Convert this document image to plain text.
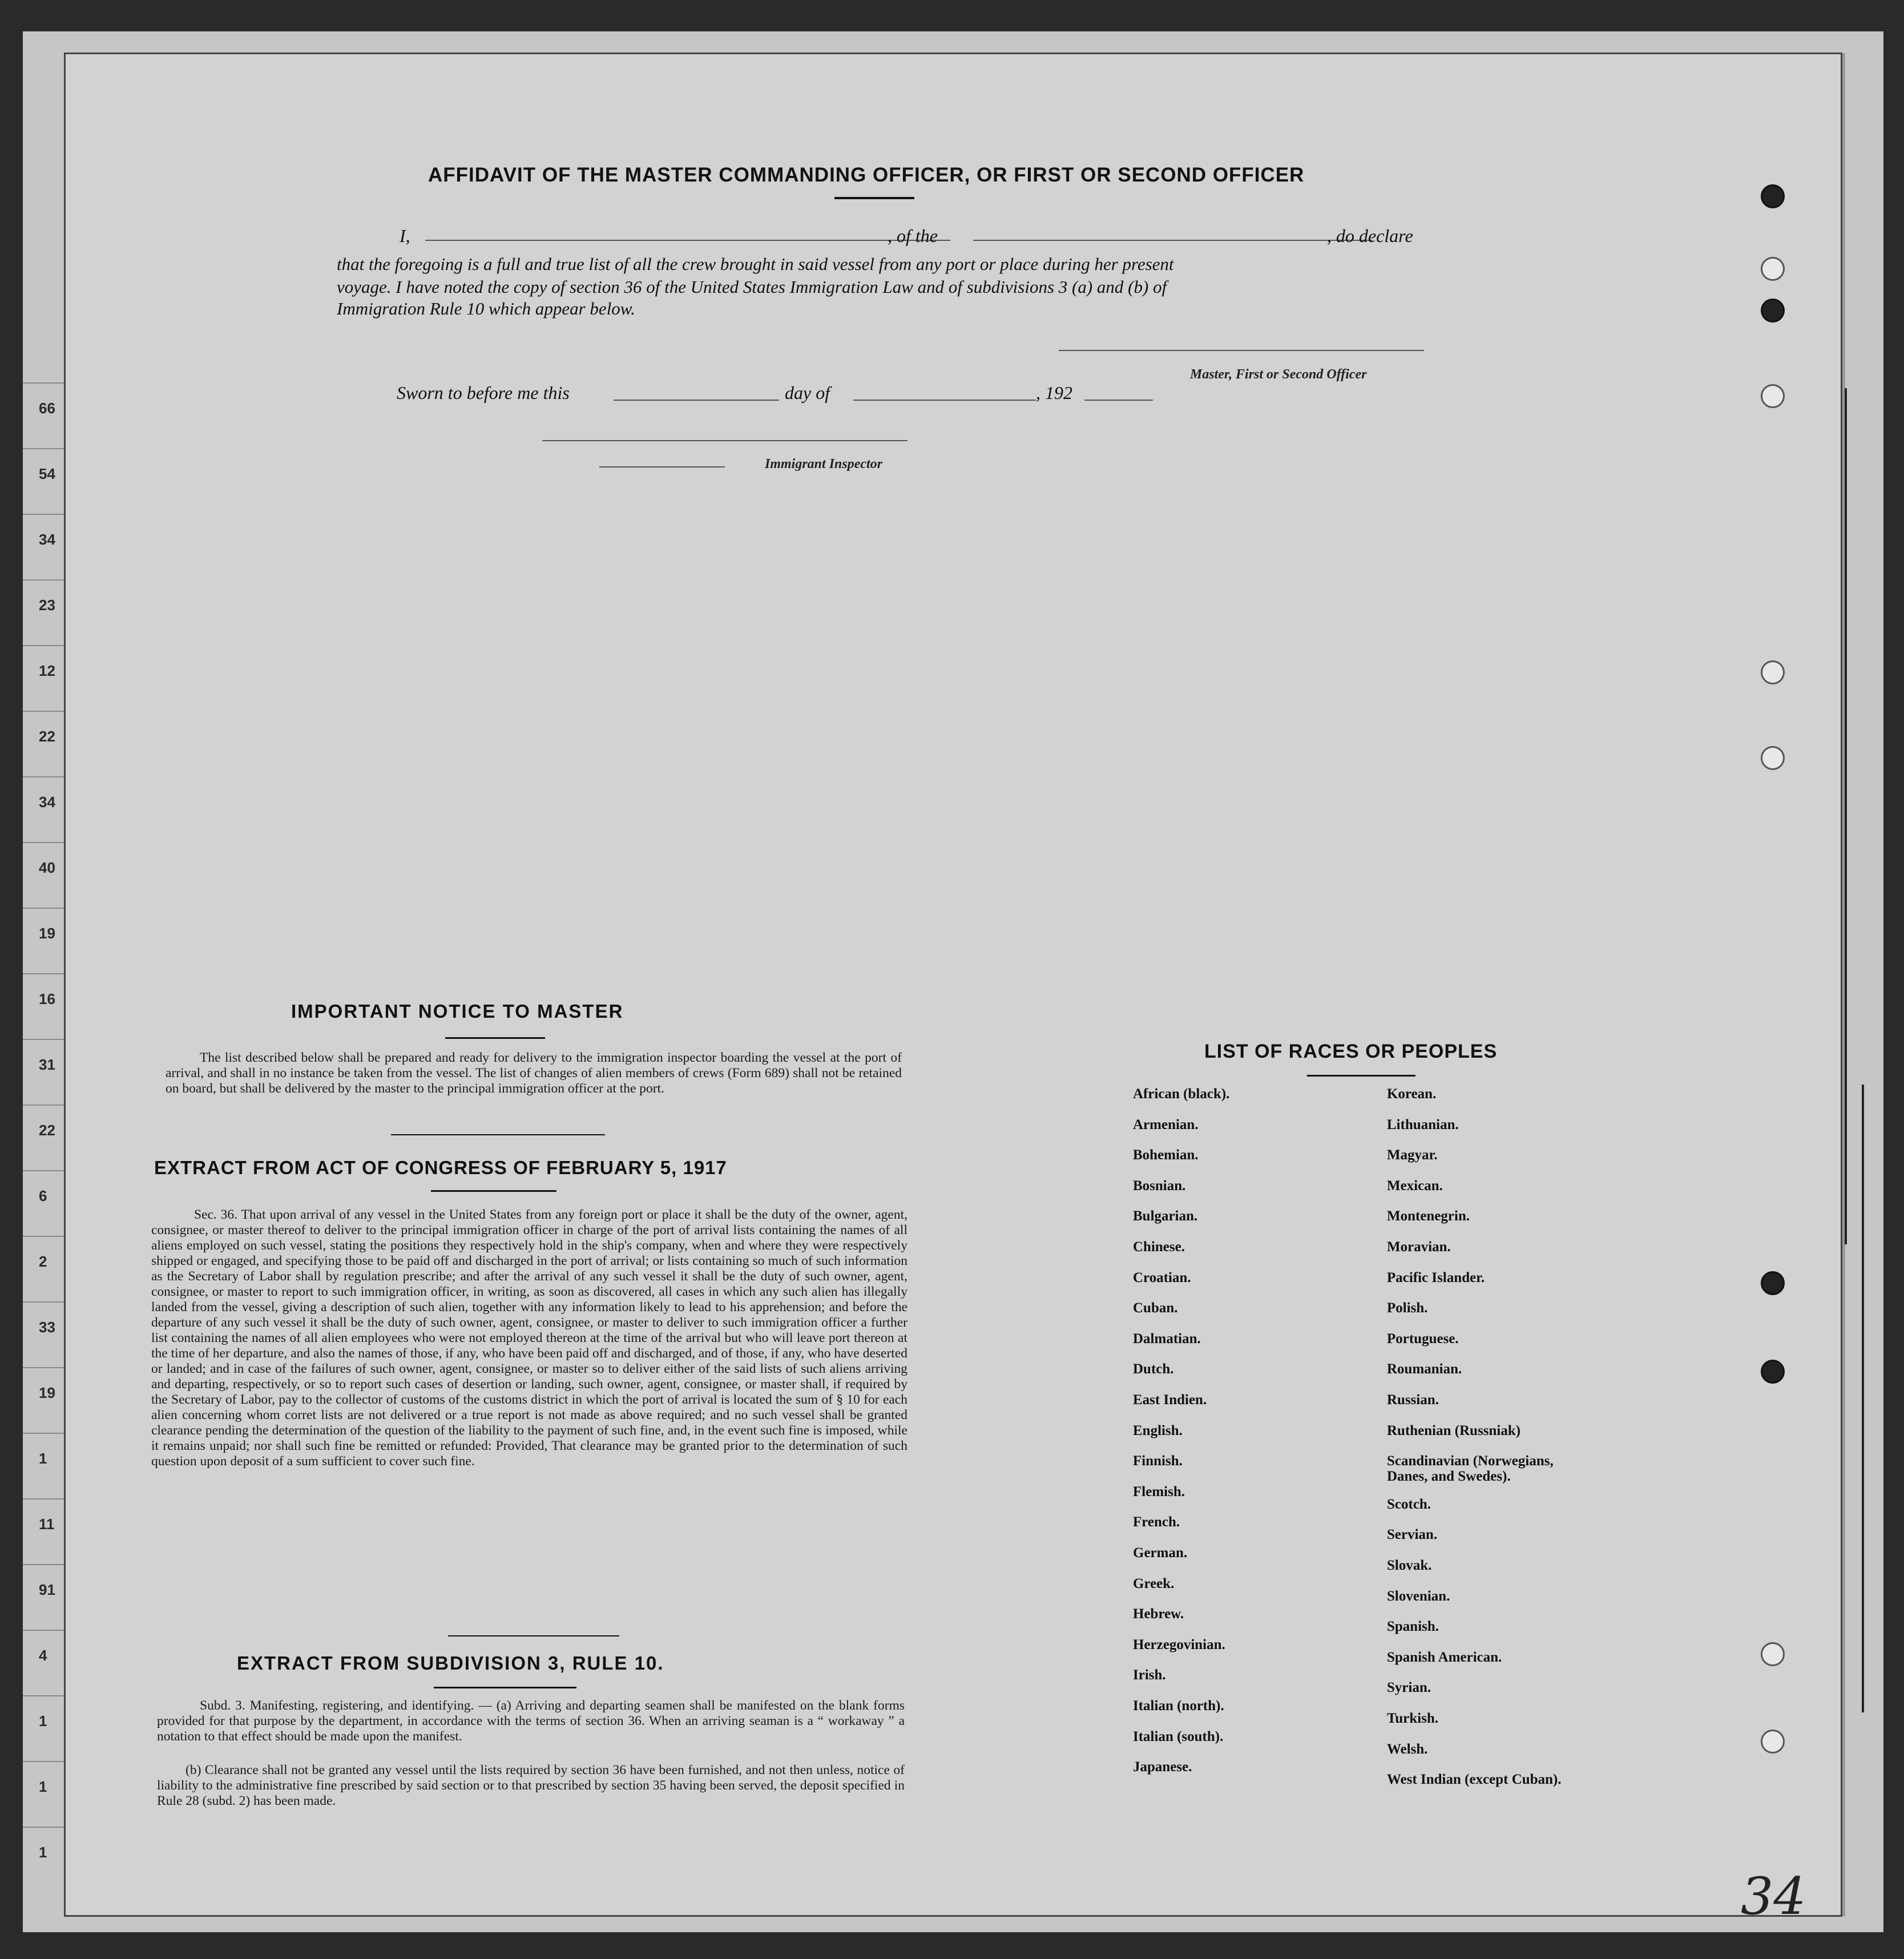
66
54
34
23
12
22
34
40
19
16
31
22
6
2
33
19
1
11
91
4
1
1
1
AFFIDAVIT OF THE MASTER COMMANDING OFFICER, OR FIRST OR SECOND OFFICER
I,	, of the	, do declare
that the foregoing is a full and true list of all the crew brought in said vessel from any port or place during her present
voyage. I have noted the copy of section 36 of the United States Immigration Law and of subdivisions 3 (a) and (b) of
Immigration Rule 10 which appear below.
Master, First or Second Officer
Sworn to before me this	day of	, 192
Immigrant Inspector
IMPORTANT NOTICE TO MASTER
The list described below shall be prepared and ready for delivery to the immigration inspector boarding the vessel at the port of arrival, and shall in no instance be taken from the vessel. The list of changes of alien members of crews (Form 689) shall not be retained on board, but shall be delivered by the master to the principal immigration officer at the port.
EXTRACT FROM ACT OF CONGRESS OF FEBRUARY 5, 1917
Sec. 36. That upon arrival of any vessel in the United States from any foreign port or place it shall be the duty of the owner, agent, consignee, or master thereof to deliver to the principal immigration officer in charge of the port of arrival lists containing the names of all aliens employed on such vessel, stating the positions they respectively hold in the ship's company, when and where they were respectively shipped or engaged, and specifying those to be paid off and discharged in the port of arrival; or lists containing so much of such information as the Secretary of Labor shall by regulation prescribe; and after the arrival of any such vessel it shall be the duty of such owner, agent, consignee, or master to report to such immigration officer, in writing, as soon as discovered, all cases in which any such alien has illegally landed from the vessel, giving a description of such alien, together with any information likely to lead to his apprehension; and before the departure of any such vessel it shall be the duty of such owner, agent, consignee, or master to deliver to such immigration officer a further list containing the names of all alien employees who were not employed thereon at the time of the arrival but who will leave port thereon at the time of her departure, and also the names of those, if any, who have been paid off and discharged, and of those, if any, who have deserted or landed; and in case of the failures of such owner, agent, consignee, or master so to deliver either of the said lists of such aliens arriving and departing, respectively, or so to report such cases of desertion or landing, such owner, agent, consignee, or master shall, if required by the Secretary of Labor, pay to the collector of customs of the customs district in which the port of arrival is located the sum of § 10 for each alien concerning whom corret lists are not delivered or a true report is not made as above required; and no such vessel shall be granted clearance pending the determination of the question of the liability to the payment of such fine, and, in the event such fine is imposed, while it remains unpaid; nor shall such fine be remitted or refunded: Provided, That clearance may be granted prior to the determination of such question upon deposit of a sum sufficient to cover such fine.
EXTRACT FROM SUBDIVISION 3, RULE 10.
Subd. 3. Manifesting, registering, and identifying. — (a) Arriving and departing seamen shall be manifested on the blank forms provided for that purpose by the department, in accordance with the terms of section 36. When an arriving seaman is a “ workaway ” a notation to that effect should be made upon the manifest.
(b) Clearance shall not be granted any vessel until the lists required by section 36 have been furnished, and not then unless, notice of liability to the administrative fine prescribed by said section or to that prescribed by section 35 having been served, the deposit specified in Rule 28 (subd. 2) has been made.
LIST OF RACES OR PEOPLES
African (black).
Armenian.
Bohemian.
Bosnian.
Bulgarian.
Chinese.
Croatian.
Cuban.
Dalmatian.
Dutch.
East Indien.
English.
Finnish.
Flemish.
French.
German.
Greek.
Hebrew.
Herzegovinian.
Irish.
Italian (north).
Italian (south).
Japanese.
Korean.
Lithuanian.
Magyar.
Mexican.
Montenegrin.
Moravian.
Pacific Islander.
Polish.
Portuguese.
Roumanian.
Russian.
Ruthenian (Russniak)
Scandinavian (Norwegians,
Danes, and Swedes).
Scotch.
Servian.
Slovak.
Slovenian.
Spanish.
Spanish American.
Syrian.
Turkish.
Welsh.
West Indian (except Cuban).
34
